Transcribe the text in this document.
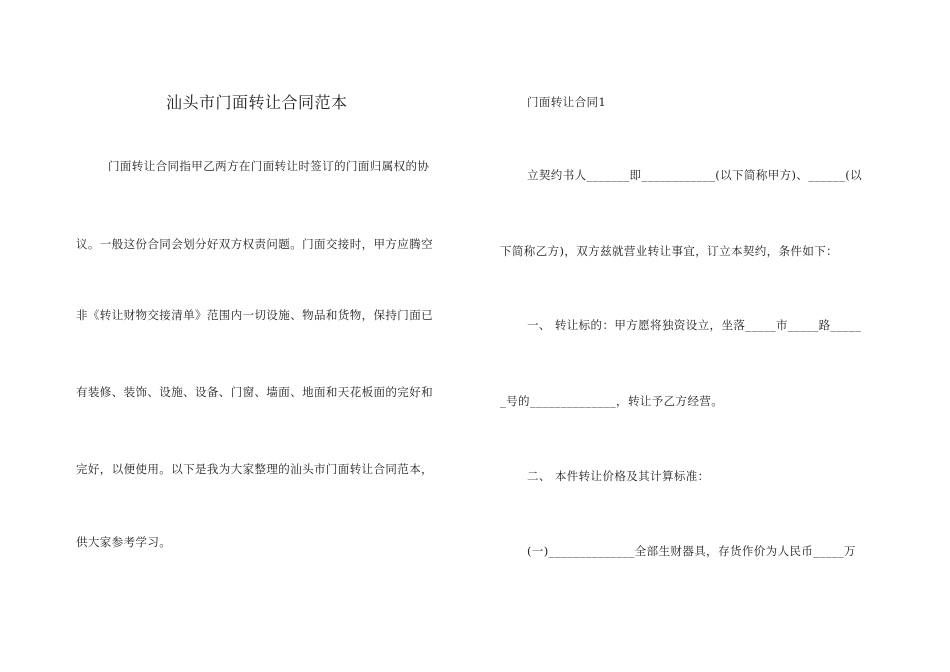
汕头市门面转让合同范本
门面转让合同指甲乙两方在门面转让时签订的门面归属权的协
议。一般这份合同会划分好双方权责问题。门面交接时，甲方应腾空
非《转让财物交接清单》范围内一切设施、物品和货物，保持门面已
有装修、装饰、设施、设备、门窗、墙面、地面和天花板面的完好和
完好，以便使用。以下是我为大家整理的汕头市门面转让合同范本，
供大家参考学习。
门面转让合同1
立契约书人_______即____________(以下简称甲方)、______(以
下简称乙方)，双方兹就营业转让事宜，订立本契约，条件如下：
一、 转让标的：甲方愿将独资设立，坐落_____市_____路_____
_号的______________，转让予乙方经营。
二、 本件转让价格及其计算标准：
(一)______________全部生财器具，存货作价为人民币_____万
